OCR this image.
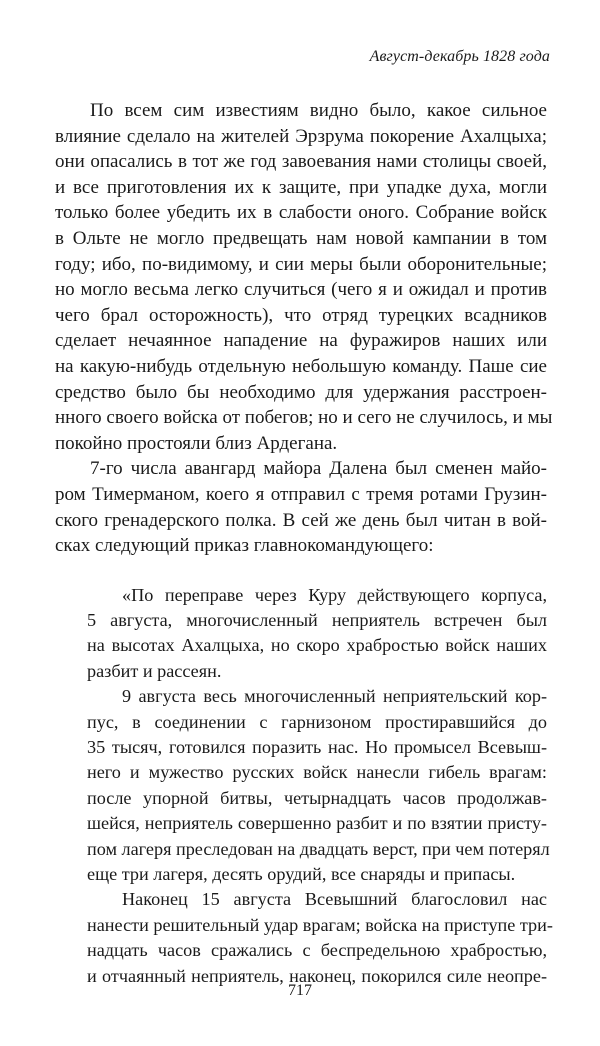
Август-декабрь 1828 года
По всем сим известиям видно было, какое сильное
влияние сделало на жителей Эрзрума покорение Ахалцыха;
они опасались в тот же год завоевания нами столицы своей,
и все приготовления их к защите, при упадке духа, могли
только более убедить их в слабости оного. Собрание войск
в Ольте не могло предвещать нам новой кампании в том
году; ибо, по-видимому, и сии меры были оборонительные;
но могло весьма легко случиться (чего я и ожидал и против
чего брал осторожность), что отряд турецких всадников
сделает нечаянное нападение на фуражиров наших или
на какую-нибудь отдельную небольшую команду. Паше сие
средство было бы необходимо для удержания расстроен-
нного своего войска от побегов; но и сего не случилось, и мы
покойно простояли близ Ардегана.
7-го числа авангард майора Далена был сменен майо-
ром Тимерманом, коего я отправил с тремя ротами Грузин-
ского гренадерского полка. В сей же день был читан в вой-
сках следующий приказ главнокомандующего:
«По переправе через Куру действующего корпуса,
5 августа, многочисленный неприятель встречен был
на высотах Ахалцыха, но скоро храбростью войск наших
разбит и рассеян.
9 августа весь многочисленный неприятельский кор-
пус, в соединении с гарнизоном простиравшийся до
35 тысяч, готовился поразить нас. Но промысел Всевыш-
него и мужество русских войск нанесли гибель врагам:
после упорной битвы, четырнадцать часов продолжав-
шейся, неприятель совершенно разбит и по взятии присту-
пом лагеря преследован на двадцать верст, при чем потерял
еще три лагеря, десять орудий, все снаряды и припасы.
Наконец 15 августа Всевышний благословил нас
нанести решительный удар врагам; войска на приступе три-
надцать часов сражались с беспредельною храбростью,
и отчаянный неприятель, наконец, покорился силе неопре-
717
